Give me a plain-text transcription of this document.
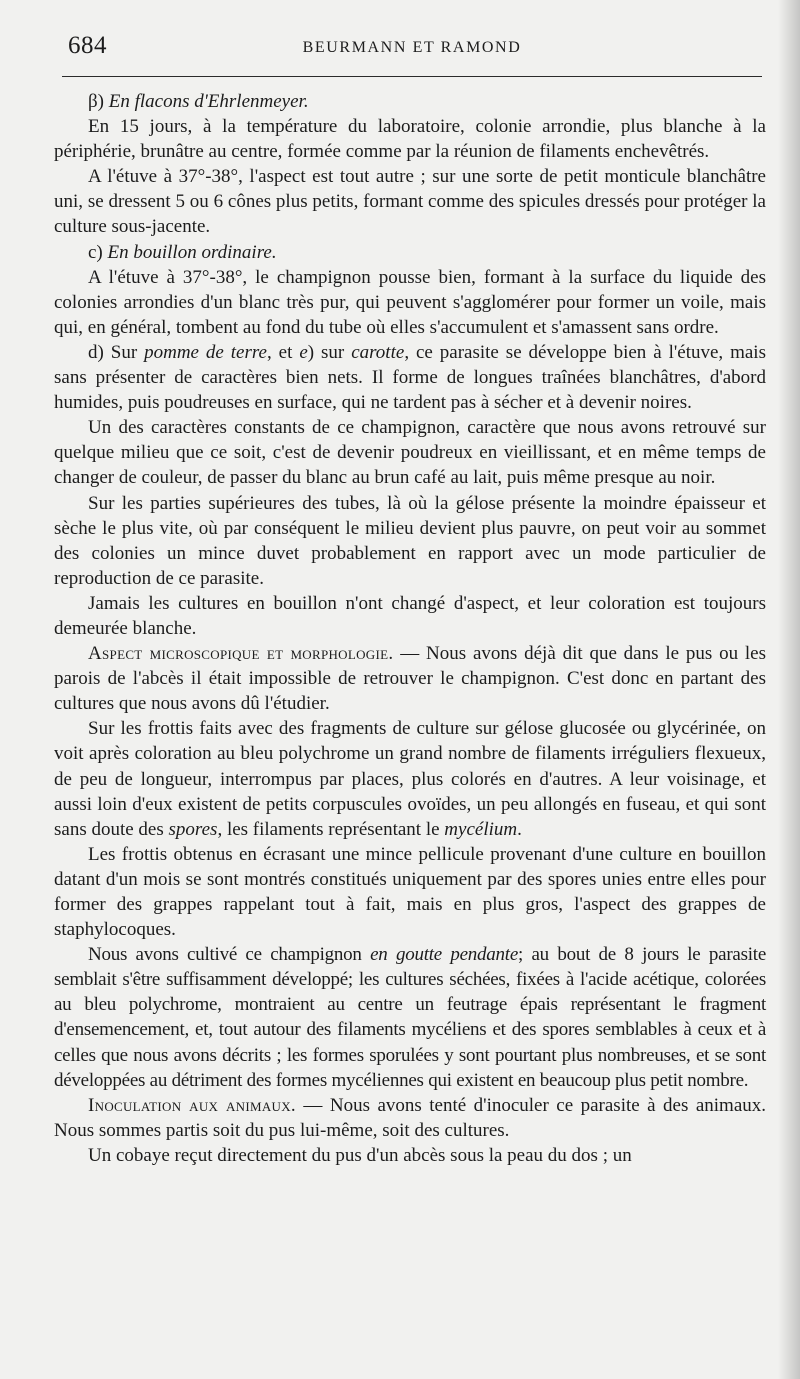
684	BEURMANN ET RAMOND

β) En flacons d'Ehrlenmeyer.

En 15 jours, à la température du laboratoire, colonie arrondie, plus blanche à la périphérie, brunâtre au centre, formée comme par la réunion de filaments enchevêtrés.

A l'étuve à 37°-38°, l'aspect est tout autre ; sur une sorte de petit monticule blanchâtre uni, se dressent 5 ou 6 cônes plus petits, formant comme des spicules dressés pour protéger la culture sous-jacente.

c) En bouillon ordinaire.

A l'étuve à 37°-38°, le champignon pousse bien, formant à la surface du liquide des colonies arrondies d'un blanc très pur, qui peuvent s'agglomérer pour former un voile, mais qui, en général, tombent au fond du tube où elles s'accumulent et s'amassent sans ordre.

d) Sur pomme de terre, et e) sur carotte, ce parasite se développe bien à l'étuve, mais sans présenter de caractères bien nets. Il forme de longues traînées blanchâtres, d'abord humides, puis poudreuses en surface, qui ne tardent pas à sécher et à devenir noires.

Un des caractères constants de ce champignon, caractère que nous avons retrouvé sur quelque milieu que ce soit, c'est de devenir poudreux en vieillissant, et en même temps de changer de couleur, de passer du blanc au brun café au lait, puis même presque au noir.

Sur les parties supérieures des tubes, là où la gélose présente la moindre épaisseur et sèche le plus vite, où par conséquent le milieu devient plus pauvre, on peut voir au sommet des colonies un mince duvet probablement en rapport avec un mode particulier de reproduction de ce parasite.

Jamais les cultures en bouillon n'ont changé d'aspect, et leur coloration est toujours demeurée blanche.

Aspect microscopique et morphologie. — Nous avons déjà dit que dans le pus ou les parois de l'abcès il était impossible de retrouver le champignon. C'est donc en partant des cultures que nous avons dû l'étudier.

Sur les frottis faits avec des fragments de culture sur gélose glucosée ou glycérinée, on voit après coloration au bleu polychrome un grand nombre de filaments irréguliers flexueux, de peu de longueur, interrompus par places, plus colorés en d'autres. A leur voisinage, et aussi loin d'eux existent de petits corpuscules ovoïdes, un peu allongés en fuseau, et qui sont sans doute des spores, les filaments représentant le mycélium.

Les frottis obtenus en écrasant une mince pellicule provenant d'une culture en bouillon datant d'un mois se sont montrés constitués uniquement par des spores unies entre elles pour former des grappes rappelant tout à fait, mais en plus gros, l'aspect des grappes de staphylocoques.

Nous avons cultivé ce champignon en goutte pendante; au bout de 8 jours le parasite semblait s'être suffisamment développé; les cultures séchées, fixées à l'acide acétique, colorées au bleu polychrome, montraient au centre un feutrage épais représentant le fragment d'ensemencement, et, tout autour des filaments mycéliens et des spores semblables à ceux et à celles que nous avons décrits ; les formes sporulées y sont pourtant plus nombreuses, et se sont développées au détriment des formes mycéliennes qui existent en beaucoup plus petit nombre.

Inoculation aux animaux. — Nous avons tenté d'inoculer ce parasite à des animaux. Nous sommes partis soit du pus lui-même, soit des cultures.

Un cobaye reçut directement du pus d'un abcès sous la peau du dos ; un
